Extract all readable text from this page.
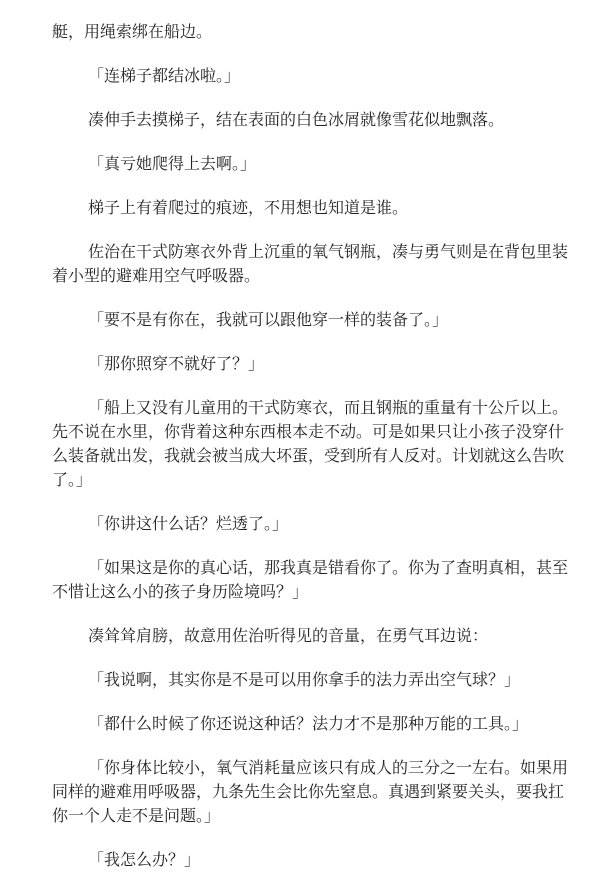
艇，用绳索绑在船边。

「连梯子都结冰啦。」

凑伸手去摸梯子，结在表面的白色冰屑就像雪花似地飘落。

「真亏她爬得上去啊。」

梯子上有着爬过的痕迹，不用想也知道是谁。

佐治在干式防寒衣外背上沉重的氧气钢瓶，凑与勇气则是在背包里装着小型的避难用空气呼吸器。

「要不是有你在，我就可以跟他穿一样的装备了。」

「那你照穿不就好了？」

「船上又没有儿童用的干式防寒衣，而且钢瓶的重量有十公斤以上。先不说在水里，你背着这种东西根本走不动。可是如果只让小孩子没穿什么装备就出发，我就会被当成大坏蛋，受到所有人反对。计划就这么告吹了。」

「你讲这什么话？烂透了。」

「如果这是你的真心话，那我真是错看你了。你为了查明真相，甚至不惜让这么小的孩子身历险境吗？」

凑耸耸肩膀，故意用佐治听得见的音量，在勇气耳边说：

「我说啊，其实你是不是可以用你拿手的法力弄出空气球？」

「都什么时候了你还说这种话？法力才不是那种万能的工具。」

「你身体比较小，氧气消耗量应该只有成人的三分之一左右。如果用同样的避难用呼吸器，九条先生会比你先窒息。真遇到紧要关头，要我扛你一个人走不是问题。」

「我怎么办？」
